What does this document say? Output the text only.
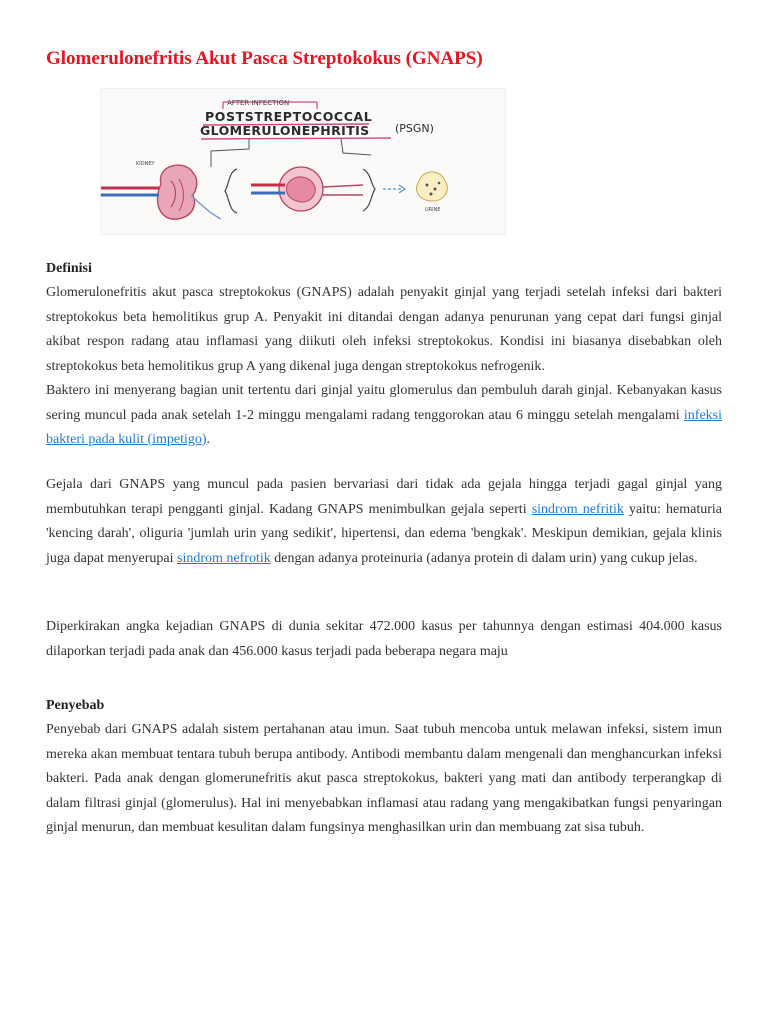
Glomerulonefritis Akut Pasca Streptokokus (GNAPS)
AFTER INFECTION
POSTSTREPTOCOCCAL
GLOMERULONEPHRITIS (PSGN)
KIDNEY
URINE
Definisi

Glomerulonefritis akut pasca streptokokus (GNAPS) adalah penyakit ginjal yang terjadi setelah infeksi dari bakteri streptokokus beta hemolitikus grup A. Penyakit ini ditandai dengan adanya penurunan yang cepat dari fungsi ginjal akibat respon radang atau inflamasi yang diikuti oleh infeksi streptokokus. Kondisi ini biasanya disebabkan oleh streptokokus beta hemolitikus grup A yang dikenal juga dengan streptokokus nefrogenik.

Baktero ini menyerang bagian unit tertentu dari ginjal yaitu glomerulus dan pembuluh darah ginjal. Kebanyakan kasus sering muncul pada anak setelah 1-2 minggu mengalami radang tenggorokan atau 6 minggu setelah mengalami infeksi bakteri pada kulit (impetigo).

Gejala dari GNAPS yang muncul pada pasien bervariasi dari tidak ada gejala hingga terjadi gagal ginjal yang membutuhkan terapi pengganti ginjal. Kadang GNAPS menimbulkan gejala seperti sindrom nefritik yaitu: hematuria 'kencing darah', oliguria 'jumlah urin yang sedikit', hipertensi, dan edema 'bengkak'. Meskipun demikian, gejala klinis juga dapat menyerupai sindrom nefrotik dengan adanya proteinuria (adanya protein di dalam urin) yang cukup jelas.

Diperkirakan angka kejadian GNAPS di dunia sekitar 472.000 kasus per tahunnya dengan estimasi 404.000 kasus dilaporkan terjadi pada anak dan 456.000 kasus terjadi pada beberapa negara maju

Penyebab

Penyebab dari GNAPS adalah sistem pertahanan atau imun. Saat tubuh mencoba untuk melawan infeksi, sistem imun mereka akan membuat tentara tubuh berupa antibody. Antibodi membantu dalam mengenali dan menghancurkan infeksi bakteri. Pada anak dengan glomerunefritis akut pasca streptokokus, bakteri yang mati dan antibody terperangkap di dalam filtrasi ginjal (glomerulus). Hal ini menyebabkan inflamasi atau radang yang mengakibatkan fungsi penyaringan ginjal menurun, dan membuat kesulitan dalam fungsinya menghasilkan urin dan membuang zat sisa tubuh.
